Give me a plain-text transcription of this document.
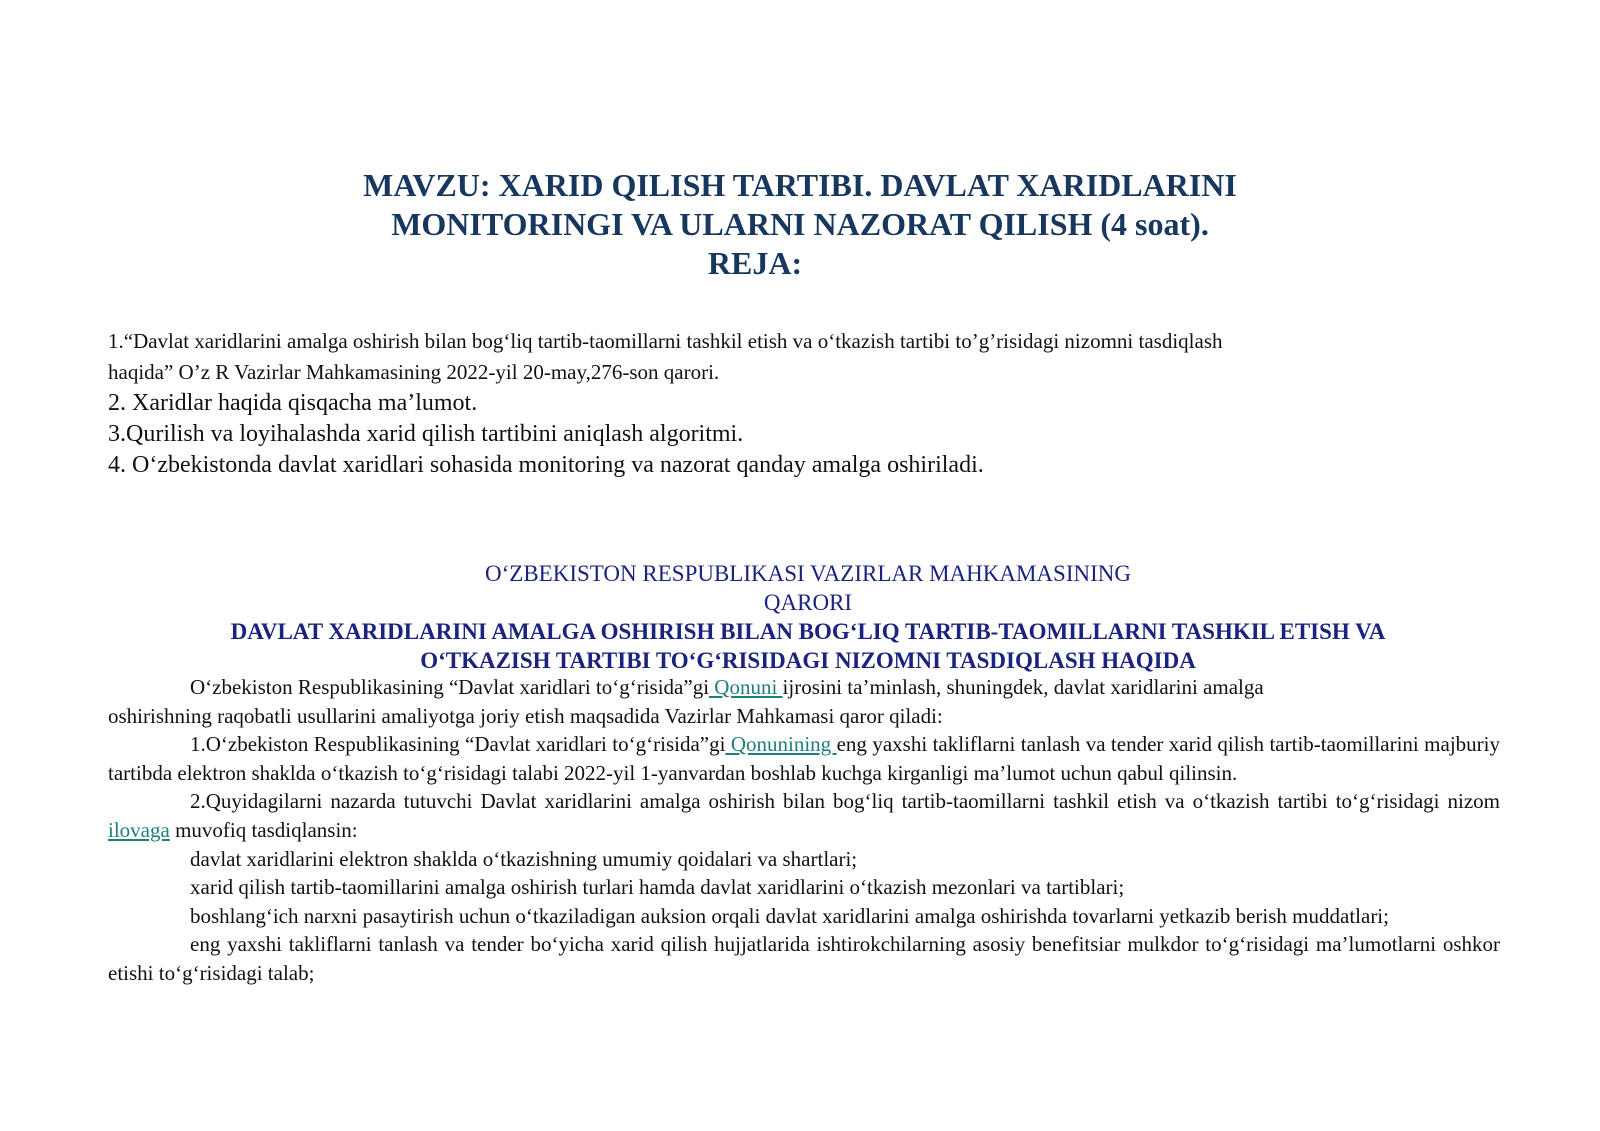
MAVZU: XARID QILISH TARTIBI. DAVLAT XARIDLARINI
MONITORINGI VA ULARNI NAZORAT QILISH (4 soat).
REJA:
1.“Davlat xaridlarini amalga oshirish bilan bogʻliq tartib-taomillarni tashkil etish va oʻtkazish tartibi to’g’risidagi nizomni tasdiqlash
haqida” O’z R Vazirlar Mahkamasining 2022-yil 20-may,276-son qarori.
2. Xaridlar haqida qisqacha ma’lumot.
3.Qurilish va loyihalashda xarid qilish tartibini aniqlash algoritmi.
4. Oʻzbekistonda davlat xaridlari sohasida monitoring va nazorat qanday amalga oshiriladi.
OʻZBEKISTON RESPUBLIKASI VAZIRLAR MAHKAMASINING
QARORI
DAVLAT XARIDLARINI AMALGA OSHIRISH BILAN BOGʻLIQ TARTIB-TAOMILLARNI TASHKIL ETISH VA
OʻTKAZISH TARTIBI TOʻGʻRISIDAGI NIZOMNI TASDIQLASH HAQIDA

Oʻzbekiston Respublikasining “Davlat xaridlari toʻgʻrisida”gi Qonuni ijrosini taʼminlash, shuningdek, davlat xaridlarini amalga

oshirishning raqobatli usullarini amaliyotga joriy etish maqsadida Vazirlar Mahkamasi qaror qiladi:

1.Oʻzbekiston Respublikasining “Davlat xaridlari toʻgʻrisida”gi Qonunining eng yaxshi takliflarni tanlash va tender xarid qilish tartib-taomillarini majburiy tartibda elektron shaklda oʻtkazish toʻgʻrisidagi talabi 2022-yil 1-yanvardan boshlab kuchga kirganligi maʼlumot uchun qabul qilinsin.

2.Quyidagilarni nazarda tutuvchi Davlat xaridlarini amalga oshirish bilan bogʻliq tartib-taomillarni tashkil etish va oʻtkazish tartibi toʻgʻrisidagi nizom ilovaga muvofiq tasdiqlansin:

davlat xaridlarini elektron shaklda oʻtkazishning umumiy qoidalari va shartlari;

xarid qilish tartib-taomillarini amalga oshirish turlari hamda davlat xaridlarini oʻtkazish mezonlari va tartiblari;

boshlangʻich narxni pasaytirish uchun oʻtkaziladigan auksion orqali davlat xaridlarini amalga oshirishda tovarlarni yetkazib berish muddatlari;

eng yaxshi takliflarni tanlash va tender boʻyicha xarid qilish hujjatlarida ishtirokchilarning asosiy benefitsiar mulkdor toʻgʻrisidagi maʼlumotlarni oshkor etishi toʻgʻrisidagi talab;
